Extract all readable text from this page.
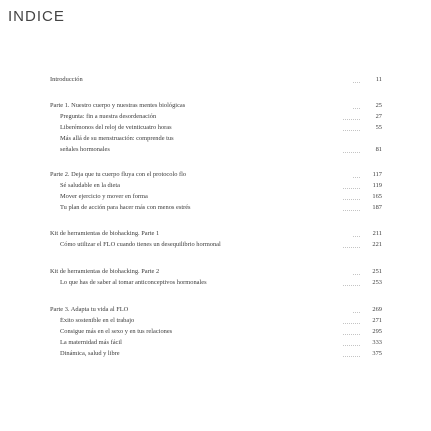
INDICE
Introducción	11
Parte 1. Nuestro cuerpo y nuestras mentes biológicas	25
Pregunta: fin a nuestra desordenación	27
Liberémonos del reloj de veinticuatro horas	55
Más allá de su menstruación: comprende tus
señales hormonales	81
Parte 2. Deja que tu cuerpo fluya con el protocolo flo	117
Sé saludable en la dieta	119
Mover ejercicio y mover en forma	165
Tu plan de acción para hacer más con menos estrés	187
Kit de herramientas de biohacking. Parte 1	211
Cómo utilizar el FLO cuando tienes un desequilibrio hormonal	221
Kit de herramientas de biohacking. Parte 2	251
Lo que has de saber al tomar anticonceptivos hormonales	253
Parte 3. Adapta tu vida al FLO	269
Éxito sostenible en el trabajo	271
Consigue más en el sexo y en tus relaciones	295
La maternidad más fácil	333
Dinámica, salud y libre	375
